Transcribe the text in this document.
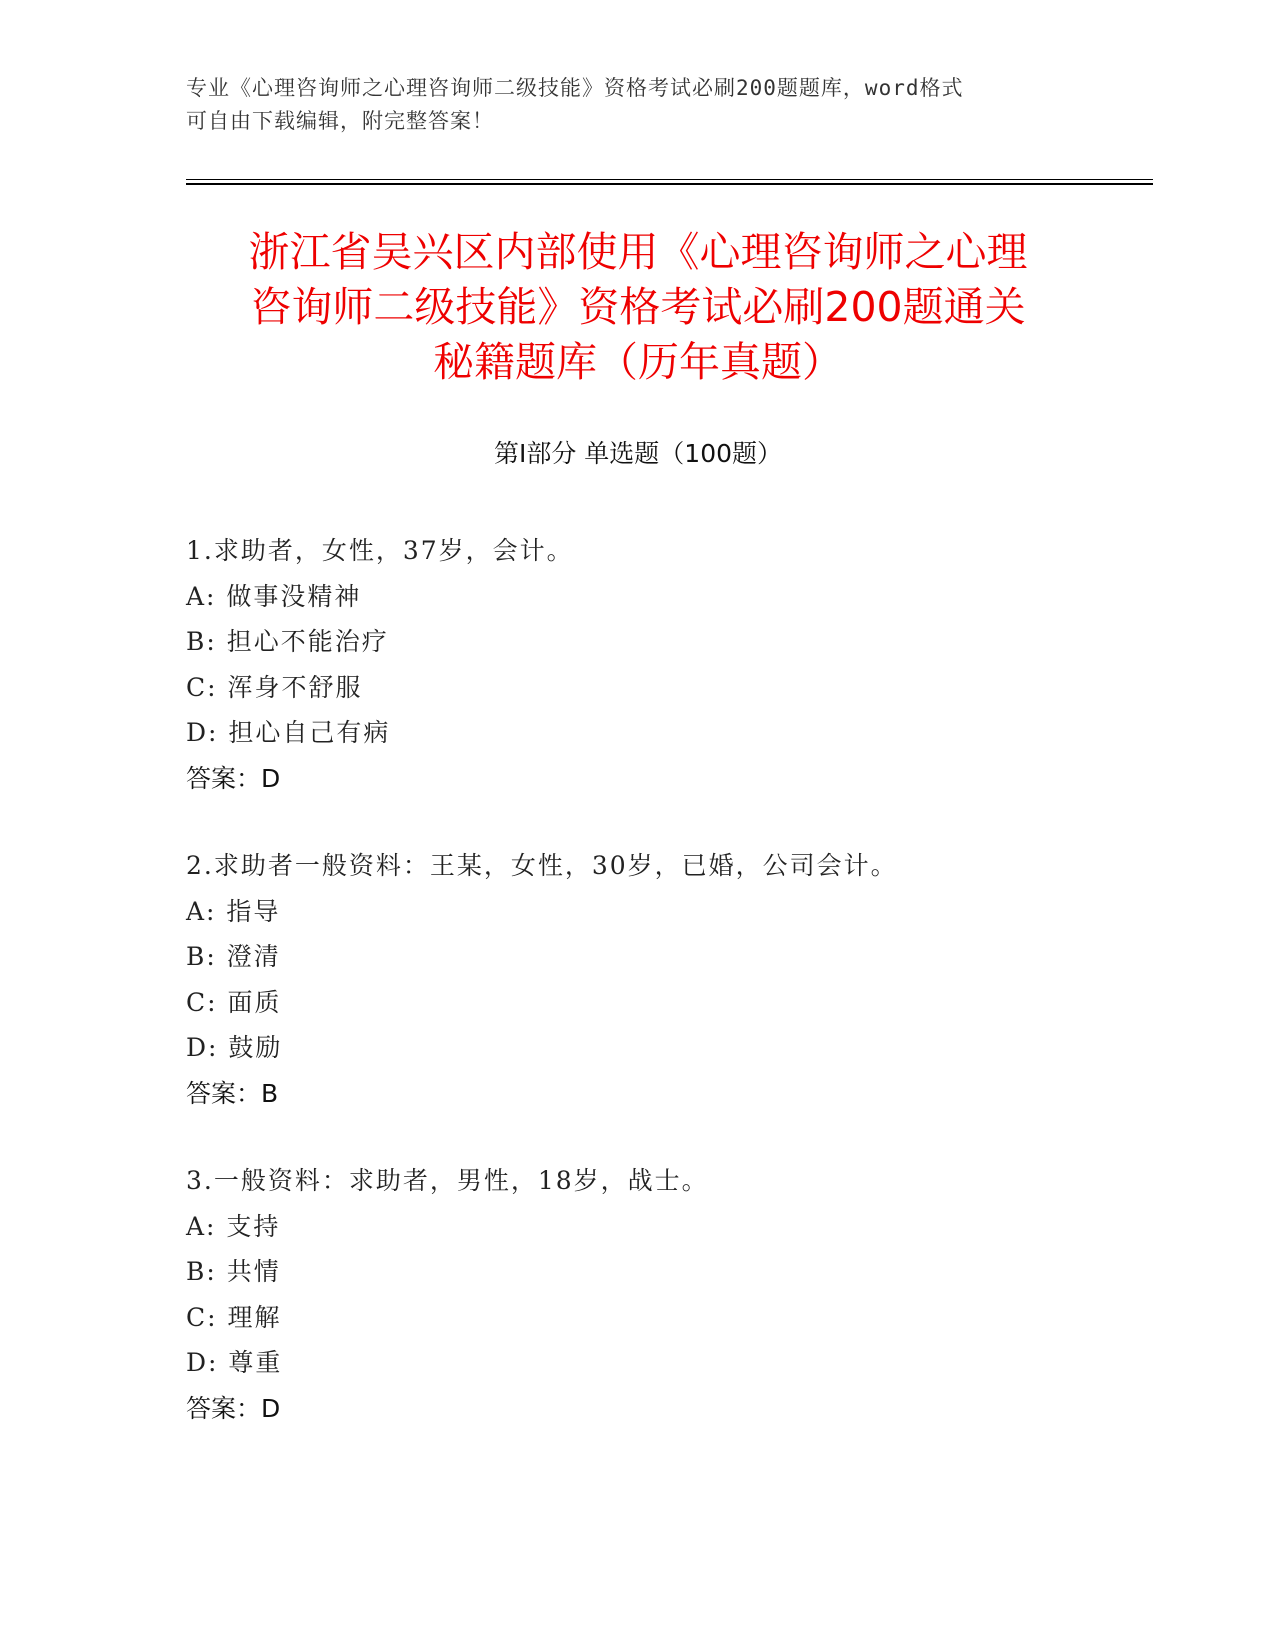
专业《心理咨询师之心理咨询师二级技能》资格考试必刷200题题库，word格式
可自由下载编辑，附完整答案！
浙江省吴兴区内部使用《心理咨询师之心理
咨询师二级技能》资格考试必刷200题通关
秘籍题库（历年真题）
第Ⅰ部分 单选题（100题）
1.求助者，女性，37岁，会计。
A: 做事没精神
B: 担心不能治疗
C: 浑身不舒服
D: 担心自己有病
答案：D
2.求助者一般资料：王某，女性，30岁，已婚，公司会计。
A: 指导
B: 澄清
C: 面质
D: 鼓励
答案：B
3.一般资料：求助者，男性，18岁，战士。
A: 支持
B: 共情
C: 理解
D: 尊重
答案：D
